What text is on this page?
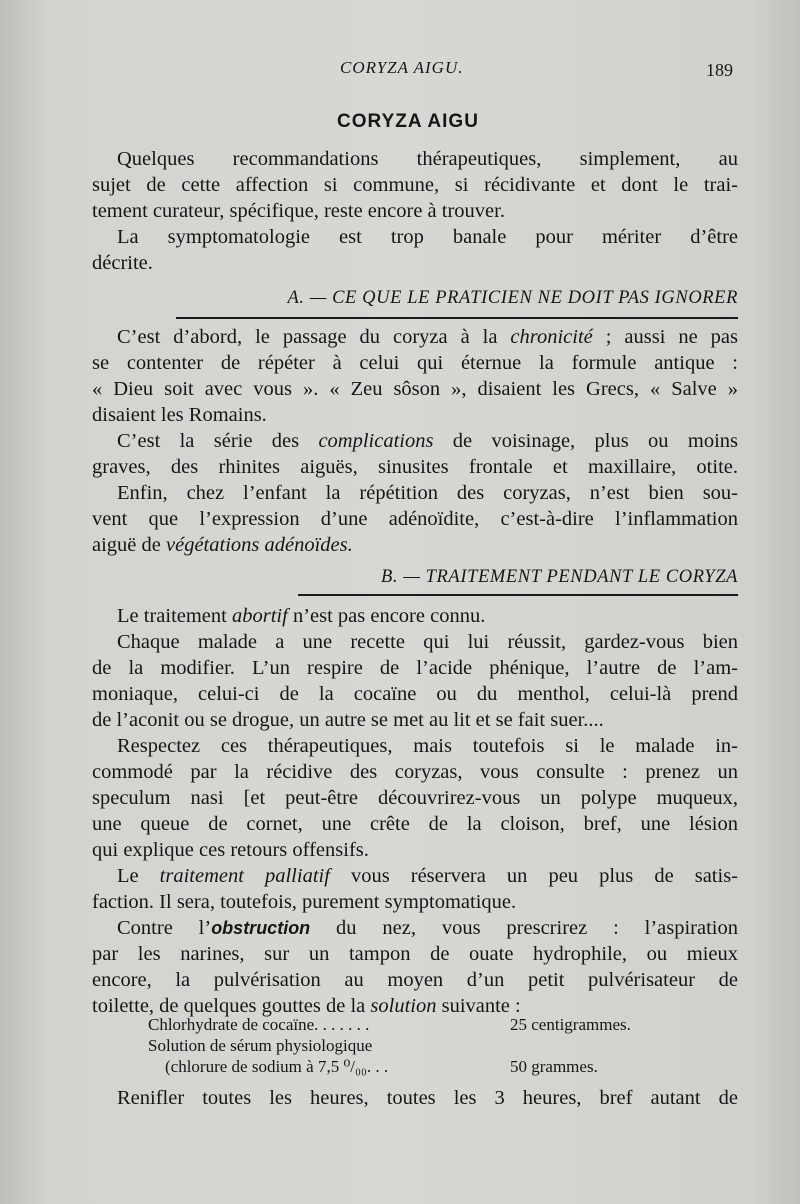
CORYZA AIGU.	189
CORYZA AIGU
Quelques recommandations thérapeutiques, simplement, au
sujet de cette affection si commune, si récidivante et dont le trai-
tement curateur, spécifique, reste encore à trouver.
La symptomatologie est trop banale pour mériter d’être
décrite.
A. — CE QUE LE PRATICIEN NE DOIT PAS IGNORER
C’est d’abord, le passage du coryza à la chronicité ; aussi ne pas
se contenter de répéter à celui qui éternue la formule antique :
« Dieu soit avec vous ». « Zeu sôson », disaient les Grecs, « Salve »
disaient les Romains.
C’est la série des complications de voisinage, plus ou moins
graves, des rhinites aiguës, sinusites frontale et maxillaire, otite.
Enfin, chez l’enfant la répétition des coryzas, n’est bien sou-
vent que l’expression d’une adénoïdite, c’est-à-dire l’inflammation
aiguë de végétations adénoïdes.
B. — TRAITEMENT PENDANT LE CORYZA
Le traitement abortif n’est pas encore connu.
Chaque malade a une recette qui lui réussit, gardez-vous bien
de la modifier. L’un respire de l’acide phénique, l’autre de l’am-
moniaque, celui-ci de la cocaïne ou du menthol, celui-là prend
de l’aconit ou se drogue, un autre se met au lit et se fait suer....
Respectez ces thérapeutiques, mais toutefois si le malade in-
commodé par la récidive des coryzas, vous consulte : prenez un
speculum nasi [et peut-être découvrirez-vous un polype muqueux,
une queue de cornet, une crête de la cloison, bref, une lésion
qui explique ces retours offensifs.
Le traitement palliatif vous réservera un peu plus de satis-
faction. Il sera, toutefois, purement symptomatique.
Contre l’obstruction du nez, vous prescrirez : l’aspiration
par les narines, sur un tampon de ouate hydrophile, ou mieux
encore, la pulvérisation au moyen d’un petit pulvérisateur de
toilette, de quelques gouttes de la solution suivante :
Chlorhydrate de cocaïne. . . . . . .	25 centigrammes.
Solution de sérum physiologique
(chlorure de sodium à 7,5 ⁰/₀₀. . .	50 grammes.
Renifler toutes les heures, toutes les 3 heures, bref autant de
